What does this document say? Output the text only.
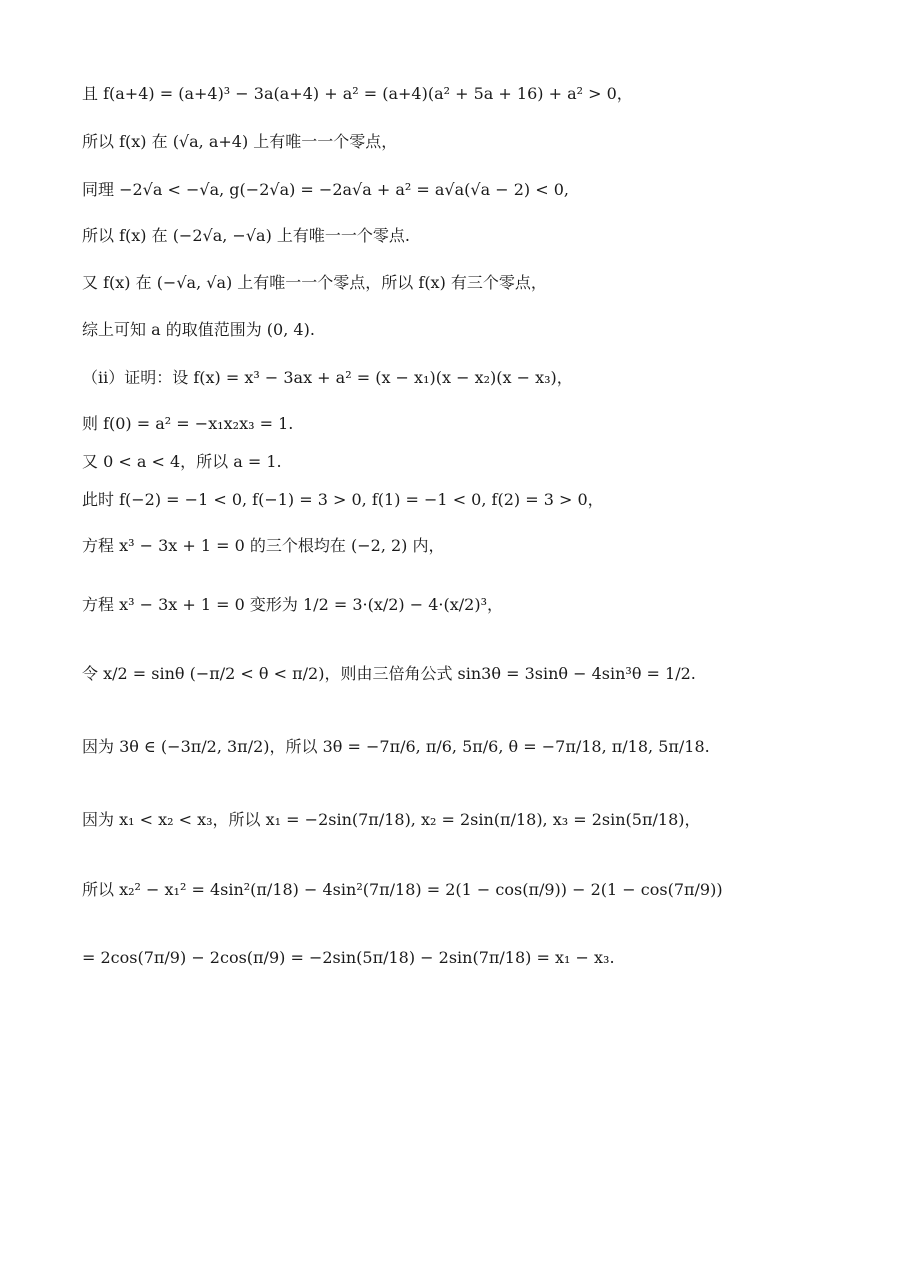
且 f(a+4) = (a+4)³ − 3a(a+4) + a² = (a+4)(a² + 5a + 16) + a² > 0，
所以 f(x) 在 (√a, a+4) 上有唯一一个零点，
同理 −2√a < −√a, g(−2√a) = −2a√a + a² = a√a(√a − 2) < 0,
所以 f(x) 在 (−2√a, −√a) 上有唯一一个零点.
又 f(x) 在 (−√a, √a) 上有唯一一个零点，所以 f(x) 有三个零点，
综上可知 a 的取值范围为 (0, 4).
（ii）证明：设 f(x) = x³ − 3ax + a² = (x − x₁)(x − x₂)(x − x₃)，
则 f(0) = a² = −x₁x₂x₃ = 1.
又 0 < a < 4，所以 a = 1.
此时 f(−2) = −1 < 0, f(−1) = 3 > 0, f(1) = −1 < 0, f(2) = 3 > 0，
方程 x³ − 3x + 1 = 0 的三个根均在 (−2, 2) 内，
方程 x³ − 3x + 1 = 0 变形为 1/2 = 3·(x/2) − 4·(x/2)³，
令 x/2 = sinθ (−π/2 < θ < π/2)，则由三倍角公式 sin3θ = 3sinθ − 4sin³θ = 1/2.
因为 3θ ∈ (−3π/2, 3π/2)，所以 3θ = −7π/6, π/6, 5π/6, θ = −7π/18, π/18, 5π/18.
因为 x₁ < x₂ < x₃，所以 x₁ = −2sin(7π/18), x₂ = 2sin(π/18), x₃ = 2sin(5π/18)，
所以 x₂² − x₁² = 4sin²(π/18) − 4sin²(7π/18) = 2(1 − cos(π/9)) − 2(1 − cos(7π/9))
= 2cos(7π/9) − 2cos(π/9) = −2sin(5π/18) − 2sin(7π/18) = x₁ − x₃.
